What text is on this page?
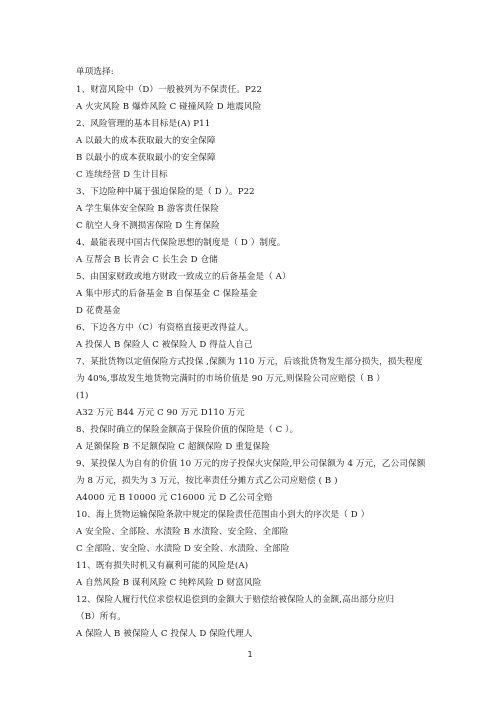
单项选择:
1、财富风险中（D）一般被列为不保责任。P22
A 火灾风险 B 爆炸风险 C 碰撞风险 D 地震风险
2、风险管理的基本目标是(A) P11
A 以最大的成本获取最大的安全保障
B 以最小的成本获取最小的安全保障
C 连续经营 D 生计目标
3、下边险种中属于强迫保险的是（ D ）。P22
A 学生集体安全保险 B 游客责任保险
C 航空人身不测损害保险 D 生育保险
4、最能表现中国古代保险思想的制度是（ D ）制度。
A 互帮会 B 长青会 C 长生会 D 仓储
5、由国家财政或地方财政一致成立的后备基金是（ A）
A 集中形式的后备基金 B 自保基金 C 保险基金
D 花费基金
6、下边各方中（C）有资格直接更改得益人。
A 投保人 B 保险人 C 被保险人 D 得益人自己
7、某批货物以定值保险方式投保 ,保额为 110 万元，后该批货物发生部分损失，损失程度
为 40%,事故发生地货物完满时的市场价值是 90 万元,则保险公司应赔偿（ B ）
(1)
A32 万元 B44 万元 C 90 万元 D110 万元
8、投保时确立的保险金额高于保险价值的保险是（ C ）。
A 足额保险 B 不足额保险 C 超额保险 D 重复保险
9、某投保人为自有的价值 10 万元的房子投保火灾保险,甲公司保额为 4 万元，乙公司保额
为 8 万元，损失为 3 万元，按比率责任分摊方式乙公司应赔偿 ( B )
A4000 元 B 10000 元 C16000 元 D 乙公司全赔
10、海上货物运输保险条款中规定的保险责任范围由小到大的序次是（ D ）
A 安全险、全部险、水渍险 B 水渍险、安全险、全部险
C 全部险、安全险、水渍险 D 安全险、水渍险、全部险
11、既有损失时机又有赢利可能的风险是(A)
A 自然风险 B 谋利风险 C 纯粹风险 D 财富风险
12、保险人履行代位求偿权追偿到的金额大于赔偿给被保险人的金额,高出部分应归
（B）所有。
A 保险人 B 被保险人 C 投保人 D 保险代理人
1
